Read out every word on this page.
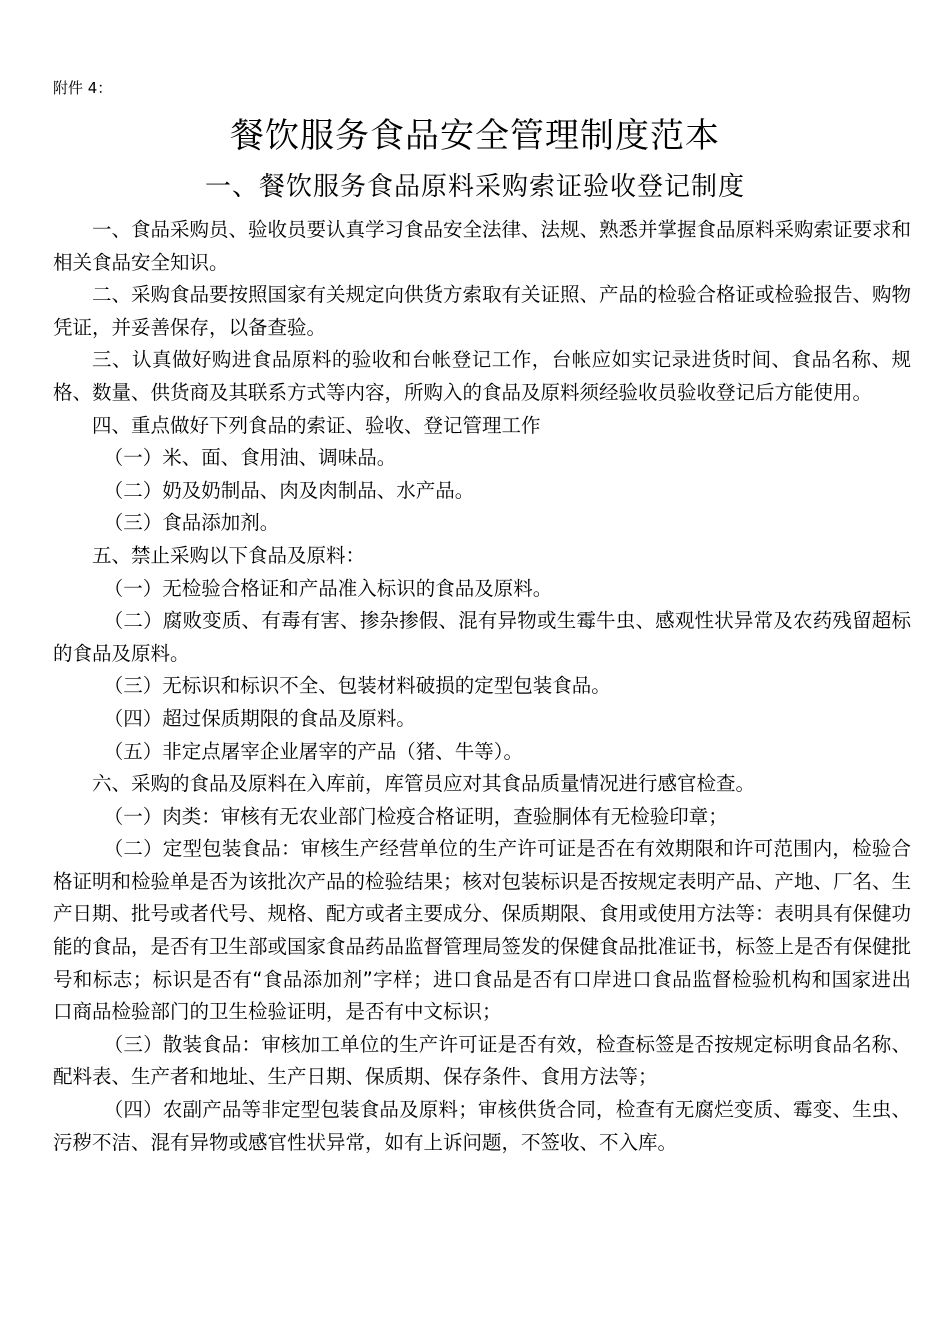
附件 4：
餐饮服务食品安全管理制度范本
一、餐饮服务食品原料采购索证验收登记制度

一、食品采购员、验收员要认真学习食品安全法律、法规、熟悉并掌握食品原料采购索证要求和相关食品安全知识。

二、采购食品要按照国家有关规定向供货方索取有关证照、产品的检验合格证或检验报告、购物凭证，并妥善保存，以备查验。

三、认真做好购进食品原料的验收和台帐登记工作，台帐应如实记录进货时间、食品名称、规格、数量、供货商及其联系方式等内容，所购入的食品及原料须经验收员验收登记后方能使用。

四、重点做好下列食品的索证、验收、登记管理工作

（一）米、面、食用油、调味品。

（二）奶及奶制品、肉及肉制品、水产品。

（三）食品添加剂。

五、禁止采购以下食品及原料：

（一）无检验合格证和产品准入标识的食品及原料。

（二）腐败变质、有毒有害、掺杂掺假、混有异物或生霉牛虫、感观性状异常及农药残留超标的食品及原料。

（三）无标识和标识不全、包装材料破损的定型包装食品。

（四）超过保质期限的食品及原料。

（五）非定点屠宰企业屠宰的产品（猪、牛等）。

六、采购的食品及原料在入库前，库管员应对其食品质量情况进行感官检查。

（一）肉类：审核有无农业部门检疫合格证明，查验胴体有无检验印章；

（二）定型包装食品：审核生产经营单位的生产许可证是否在有效期限和许可范围内，检验合格证明和检验单是否为该批次产品的检验结果；核对包装标识是否按规定表明产品、产地、厂名、生产日期、批号或者代号、规格、配方或者主要成分、保质期限、食用或使用方法等：表明具有保健功能的食品，是否有卫生部或国家食品药品监督管理局签发的保健食品批准证书，标签上是否有保健批号和标志；标识是否有“食品添加剂”字样；进口食品是否有口岸进口食品监督检验机构和国家进出口商品检验部门的卫生检验证明，是否有中文标识；

（三）散装食品：审核加工单位的生产许可证是否有效，检查标签是否按规定标明食品名称、配料表、生产者和地址、生产日期、保质期、保存条件、食用方法等；

（四）农副产品等非定型包装食品及原料；审核供货合同，检查有无腐烂变质、霉变、生虫、污秽不洁、混有异物或感官性状异常，如有上诉问题，不签收、不入库。
